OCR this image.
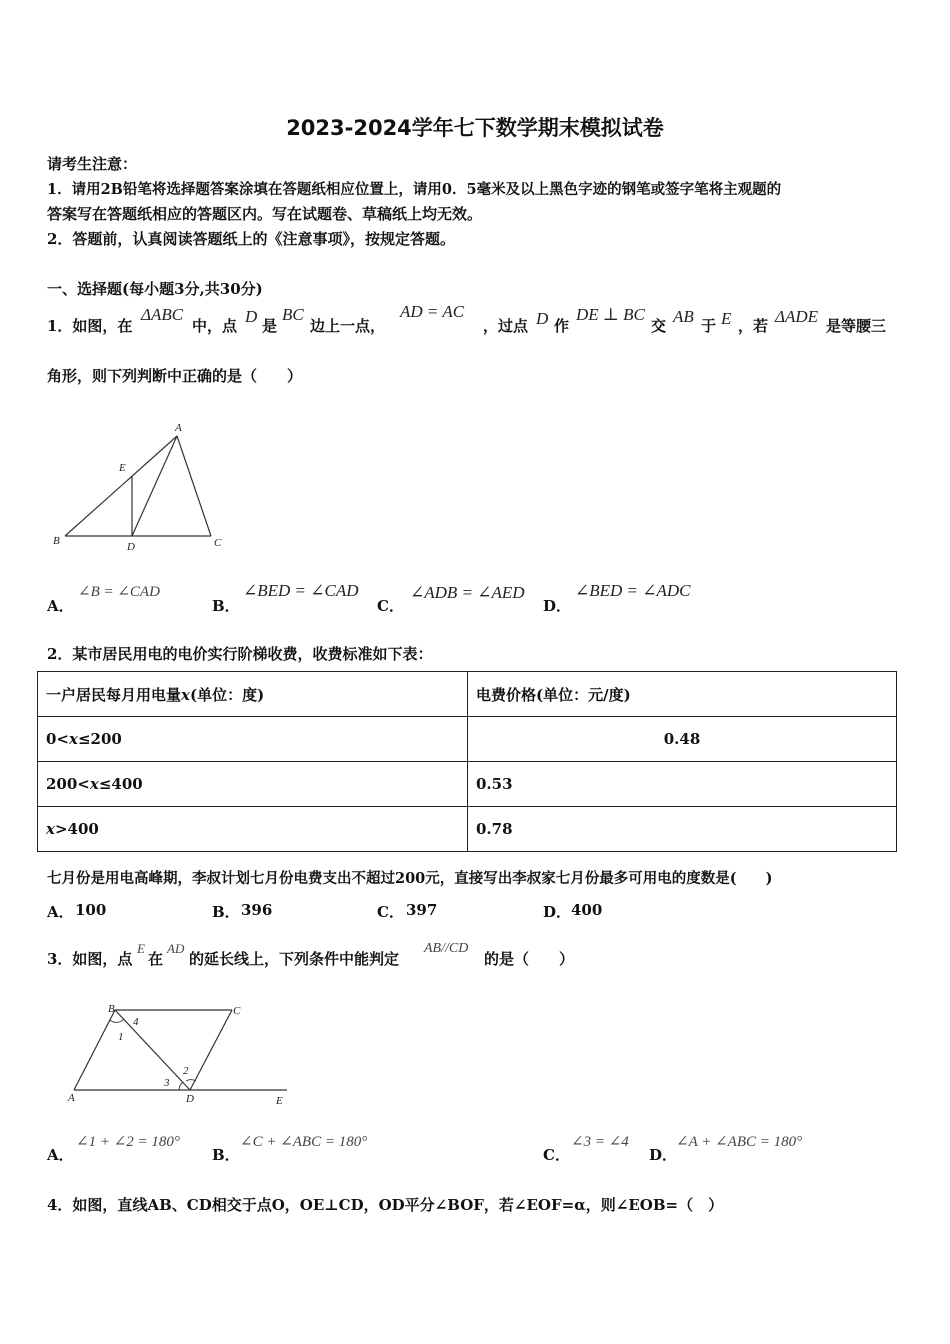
2023-2024学年七下数学期末模拟试卷
请考生注意：
1．请用2B铅笔将选择题答案涂填在答题纸相应位置上，请用0．5毫米及以上黑色字迹的钢笔或签字笔将主观题的
答案写在答题纸相应的答题区内。写在试题卷、草稿纸上均无效。
2．答题前，认真阅读答题纸上的《注意事项》，按规定答题。
一、选择题(每小题3分,共30分)
1．如图，在
ΔABC
中，点 D 是
BC
边上一点，
AD = AC
，过点 D 作
DE ⊥ BC
交 AB 于 E ，若 ΔADE 是等腰三
角形，则下列判断中正确的是（　　）
A
B	C
D
E
A．
∠B = ∠CAD
B．
∠BED = ∠CAD
C．
∠ADB = ∠AED
D．
∠BED = ∠ADC
2．某市居民用电的电价实行阶梯收费，收费标准如下表：
一户居民每月用电量x(单位：度)	电费价格(单位：元/度)
0<x≤200	0.48
200<x≤400	0.53
x>400	0.78
七月份是用电高峰期，李叔计划七月份电费支出不超过200元，直接写出李叔家七月份最多可用电的度数是(　　)
A． 100	B． 396	C． 397	D． 400
3．如图，点
E
在
AD
的延长线上，下列条件中能判定
AB//CD
的是（　　）
B	C
A	D	E
1
2
3
4
A．
∠1 + ∠2 = 180°
B．
∠C + ∠ABC = 180°
C．
∠3 = ∠4
D．
∠A + ∠ABC = 180°
4．如图，直线AB、CD相交于点O，OE⊥CD，OD平分∠BOF，若∠EOF=α，则∠EOB=（　）
